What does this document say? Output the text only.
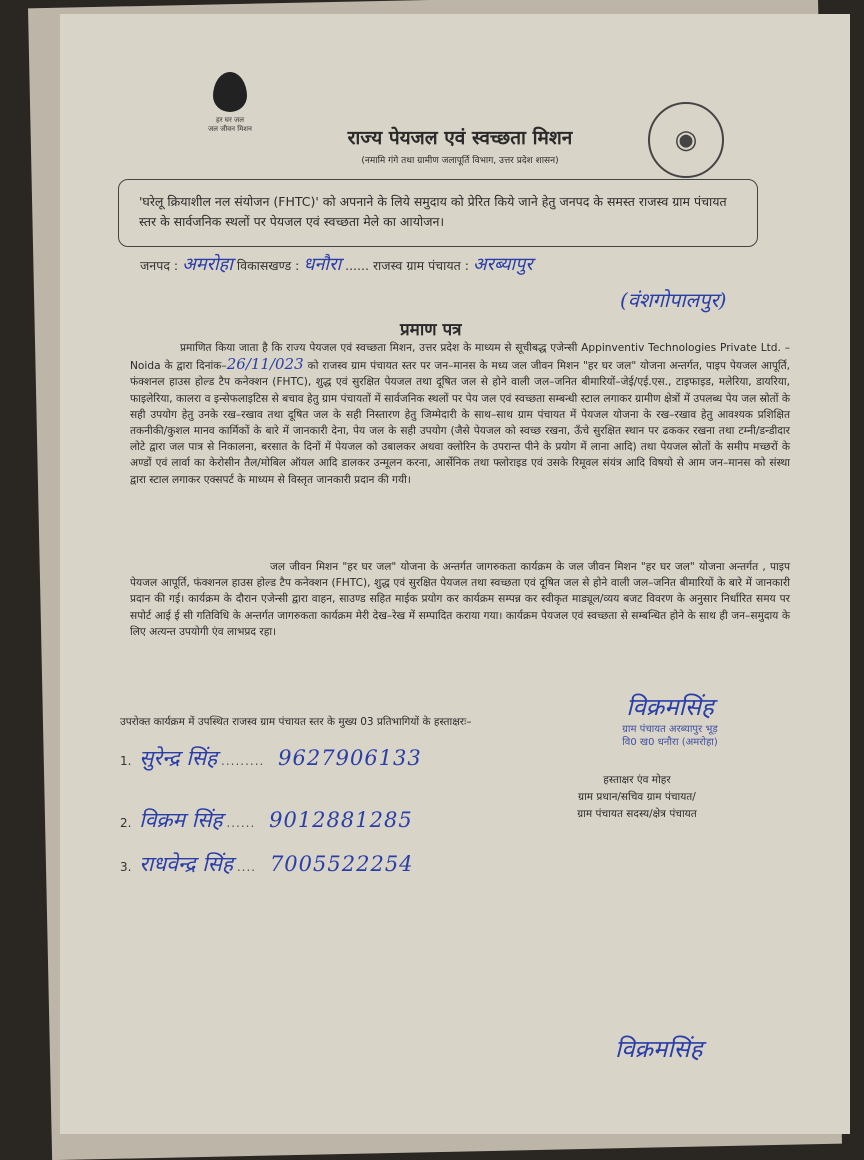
हर घर जल
जल जीवन मिशन	◉
राज्य पेयजल एवं स्वच्छता मिशन
(नमामि गंगे तथा ग्रामीण जलापूर्ति विभाग, उत्तर प्रदेश शासन)
'घरेलू क्रियाशील नल संयोजन (FHTC)' को अपनाने के लिये समुदाय को प्रेरित किये जाने हेतु जनपद के समस्त राजस्व ग्राम पंचायत स्तर के सार्वजनिक स्थलों पर पेयजल एवं स्वच्छता मेले का आयोजन।
जनपद : अमरोहा विकासखण्ड : धनौरा ...... राजस्व ग्राम पंचायत : अरब्यापुर
(वंशगोपालपुर)
प्रमाण पत्र
प्रमाणित किया जाता है कि राज्य पेयजल एवं स्वच्छता मिशन, उत्तर प्रदेश के माध्यम से सूचीबद्ध एजेन्सी Appinventiv Technologies Private Ltd. – Noida के द्वारा दिनांक–26/11/023 को राजस्व ग्राम पंचायत स्तर पर जन–मानस के मध्य जल जीवन मिशन "हर घर जल" योजना अन्तर्गत, पाइप पेयजल आपूर्ति, फंक्शनल हाउस होल्ड टैप कनेक्शन (FHTC), शुद्ध एवं सुरक्षित पेयजल तथा दूषित जल से होने वाली जल–जनित बीमारियों–जेई/एई.एस., टाइफाइड, मलेरिया, डायरिया, फाइलेरिया, कालरा व इन्सेफलाइटिस से बचाव हेतु ग्राम पंचायतों में सार्वजनिक स्थलों पर पेय जल एवं स्वच्छता सम्बन्धी स्टाल लगाकर ग्रामीण क्षेत्रों में उपलब्ध पेय जल स्रोतों के सही उपयोग हेतु उनके रख–रखाव तथा दूषित जल के सही निस्तारण हेतु जिम्मेदारी के साथ–साथ ग्राम पंचायत में पेयजल योजना के रख–रखाव हेतु आवश्यक प्रशिक्षित तकनीकी/कुशल मानव कार्मिकों के बारे में जानकारी देना, पेय जल के सही उपयोग (जैसे पेयजल को स्वच्छ रखना, ऊँचे सुरक्षित स्थान पर ढककर रखना तथा टम्नी/डन्डीदार लोटे द्वारा जल पात्र से निकालना, बरसात के दिनों में पेयजल को उबालकर अथवा क्लोरिन के उपरान्त पीने के प्रयोग में लाना आदि) तथा पेयजल स्रोतों के समीप मच्छरों के अण्डों एवं लार्वा का केरोसीन तैल/मोबिल ऑयल आदि डालकर उन्मूलन करना, आर्सेनिक तथा फ्लोराइड एवं उसके रिमूवल संयंत्र आदि विषयो से आम जन–मानस को संस्था द्वारा स्टाल लगाकर एक्सपर्ट के माध्यम से विस्तृत जानकारी प्रदान की गयी।
जल जीवन मिशन "हर घर जल" योजना के अन्तर्गत जागरुकता कार्यक्रम के जल जीवन मिशन "हर घर जल" योजना अन्तर्गत , पाइप पेयजल आपूर्ति, फंक्शनल हाउस होल्ड टैप कनेक्शन (FHTC), शुद्ध एवं सुरक्षित पेयजल तथा स्वच्छता एवं दूषित जल से होने वाली जल–जनित बीमारियों के बारे में जानकारी प्रदान की गई। कार्यक्रम के दौरान एजेन्सी द्वारा वाहन, साउण्ड सहित माईक प्रयोग कर कार्यक्रम सम्पन्न कर स्वीकृत माड्यूल/व्यय बजट विवरण के अनुसार निर्धारित समय पर सपोर्ट आई ई सी गतिविधि के अन्तर्गत जागरुकता कार्यक्रम मेरी देख–रेख में सम्पादित कराया गया। कार्यक्रम पेयजल एवं स्वच्छता से सम्बन्धित होने के साथ ही जन–समुदाय के लिए अत्यन्त उपयोगी एंव लाभप्रद रहा।
विक्रमसिंह
ग्राम पंचायत अरब्यापुर भूड़
वि0 ख0 धनौरा (अमरोहा)
उपरोक्त कार्यक्रम में उपस्थित राजस्व ग्राम पंचायत स्तर के मुख्य 03 प्रतिभागियों के हस्ताक्षरः–
1. सुरेन्द्र सिंह ......... 9627906133
2. विक्रम सिंह ...... 9012881285
3. राधवेन्द्र सिंह .... 7005522254
हस्ताक्षर एंव मोहर
ग्राम प्रधान/सचिव ग्राम पंचायत/
ग्राम पंचायत सदस्य/क्षेत्र पंचायत
विक्रमसिंह
